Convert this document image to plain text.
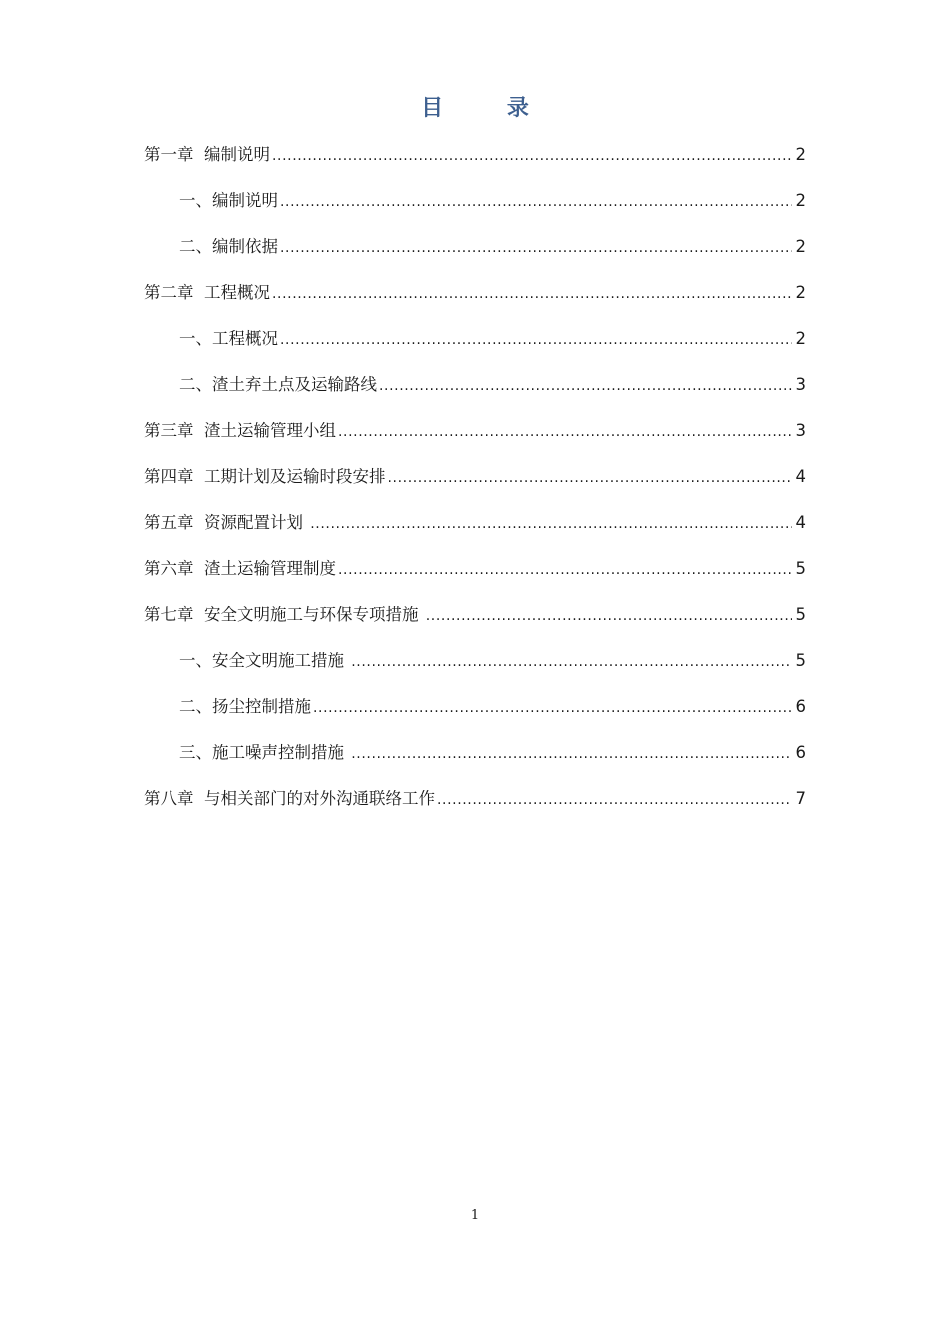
目 录
第一章  编制说明 .....	2
一、编制说明 .....	2
二、编制依据 .....	2
第二章  工程概况 .....	2
一、工程概况 .....	2
二、渣土弃土点及运输路线 .....	3
第三章  渣土运输管理小组 .....	3
第四章  工期计划及运输时段安排 .....	4
第五章  资源配置计划 .....	4
第六章  渣土运输管理制度 .....	5
第七章  安全文明施工与环保专项措施 .....	5
一、安全文明施工措施 .....	5
二、扬尘控制措施 .....	6
三、施工噪声控制措施 .....	6
第八章  与相关部门的对外沟通联络工作 .....	7
1
